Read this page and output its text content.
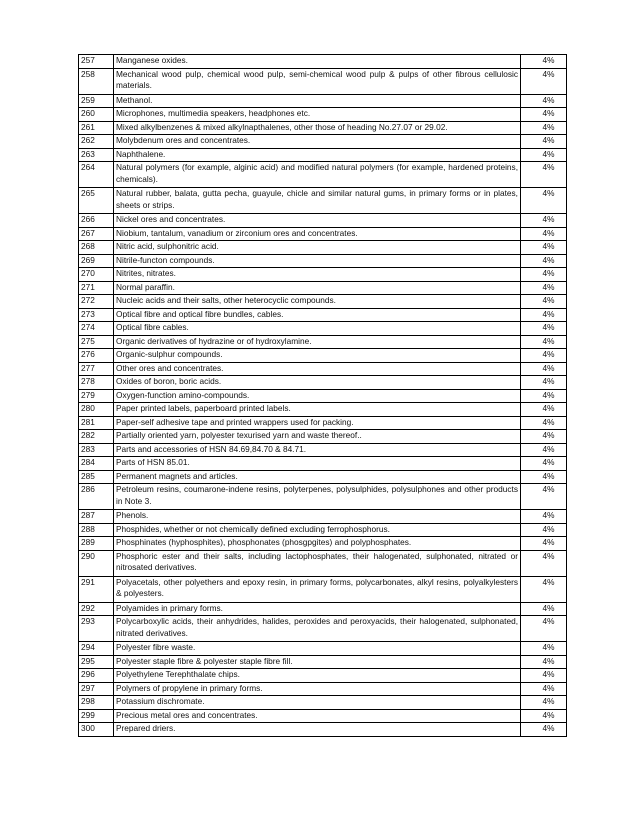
257	Manganese oxides.	4%
258	Mechanical wood pulp, chemical wood pulp, semi-chemical wood pulp & pulps of other fibrous cellulosic materials.	4%
259	Methanol.	4%
260	Microphones, multimedia speakers, headphones etc.	4%
261	Mixed alkylbenzenes & mixed alkylnapthalenes, other those of heading No.27.07 or 29.02.	4%
262	Molybdenum ores and concentrates.	4%
263	Naphthalene.	4%
264	Natural polymers (for example, alginic acid) and modified natural polymers (for example, hardened proteins, chemicals).	4%
265	Natural rubber, balata, gutta pecha, guayule, chicle and similar natural gums, in primary forms or in plates, sheets or strips.	4%
266	Nickel ores and concentrates.	4%
267	Niobium, tantalum, vanadium or zirconium ores and concentrates.	4%
268	Nitric acid, sulphonitric acid.	4%
269	Nitrile-functon compounds.	4%
270	Nitrites, nitrates.	4%
271	Normal paraffin.	4%
272	Nucleic acids and their salts, other heterocyclic compounds.	4%
273	Optical fibre and optical fibre bundles, cables.	4%
274	Optical fibre cables.	4%
275	Organic derivatives of hydrazine or of hydroxylamine.	4%
276	Organic-sulphur compounds.	4%
277	Other ores and concentrates.	4%
278	Oxides of boron, boric acids.	4%
279	Oxygen-function amino-compounds.	4%
280	Paper printed labels, paperboard printed labels.	4%
281	Paper-self adhesive tape and printed wrappers used for packing.	4%
282	Partially oriented yarn, polyester texurised yarn and waste thereof..	4%
283	Parts and accessories of HSN 84.69,84.70 & 84.71.	4%
284	Parts of HSN 85.01.	4%
285	Permanent magnets and articles.	4%
286	Petroleum resins, coumarone-indene resins, polyterpenes, polysulphides, polysulphones and other products in Note 3.	4%
287	Phenols.	4%
288	Phosphides, whether or not chemically defined excluding ferrophosphorus.	4%
289	Phosphinates (hyphosphites), phosphonates (phosgpgites) and polyphosphates.	4%
290	Phosphoric ester and their salts, including lactophosphates, their halogenated, sulphonated, nitrated or nitrosated derivatives.	4%
291	Polyacetals, other polyethers and epoxy resin, in primary forms, polycarbonates, alkyl resins, polyalkylesters & polyesters.	4%
292	Polyamides in primary forms.	4%
293	Polycarboxylic acids, their anhydrides, halides, peroxides and peroxyacids, their halogenated, sulphonated, nitrated derivatives.	4%
294	Polyester fibre waste.	4%
295	Polyester staple fibre & polyester staple fibre fill.	4%
296	Polyethylene Terephthalate chips.	4%
297	Polymers of propylene in primary forms.	4%
298	Potassium dischromate.	4%
299	Precious metal ores and concentrates.	4%
300	Prepared driers.	4%
